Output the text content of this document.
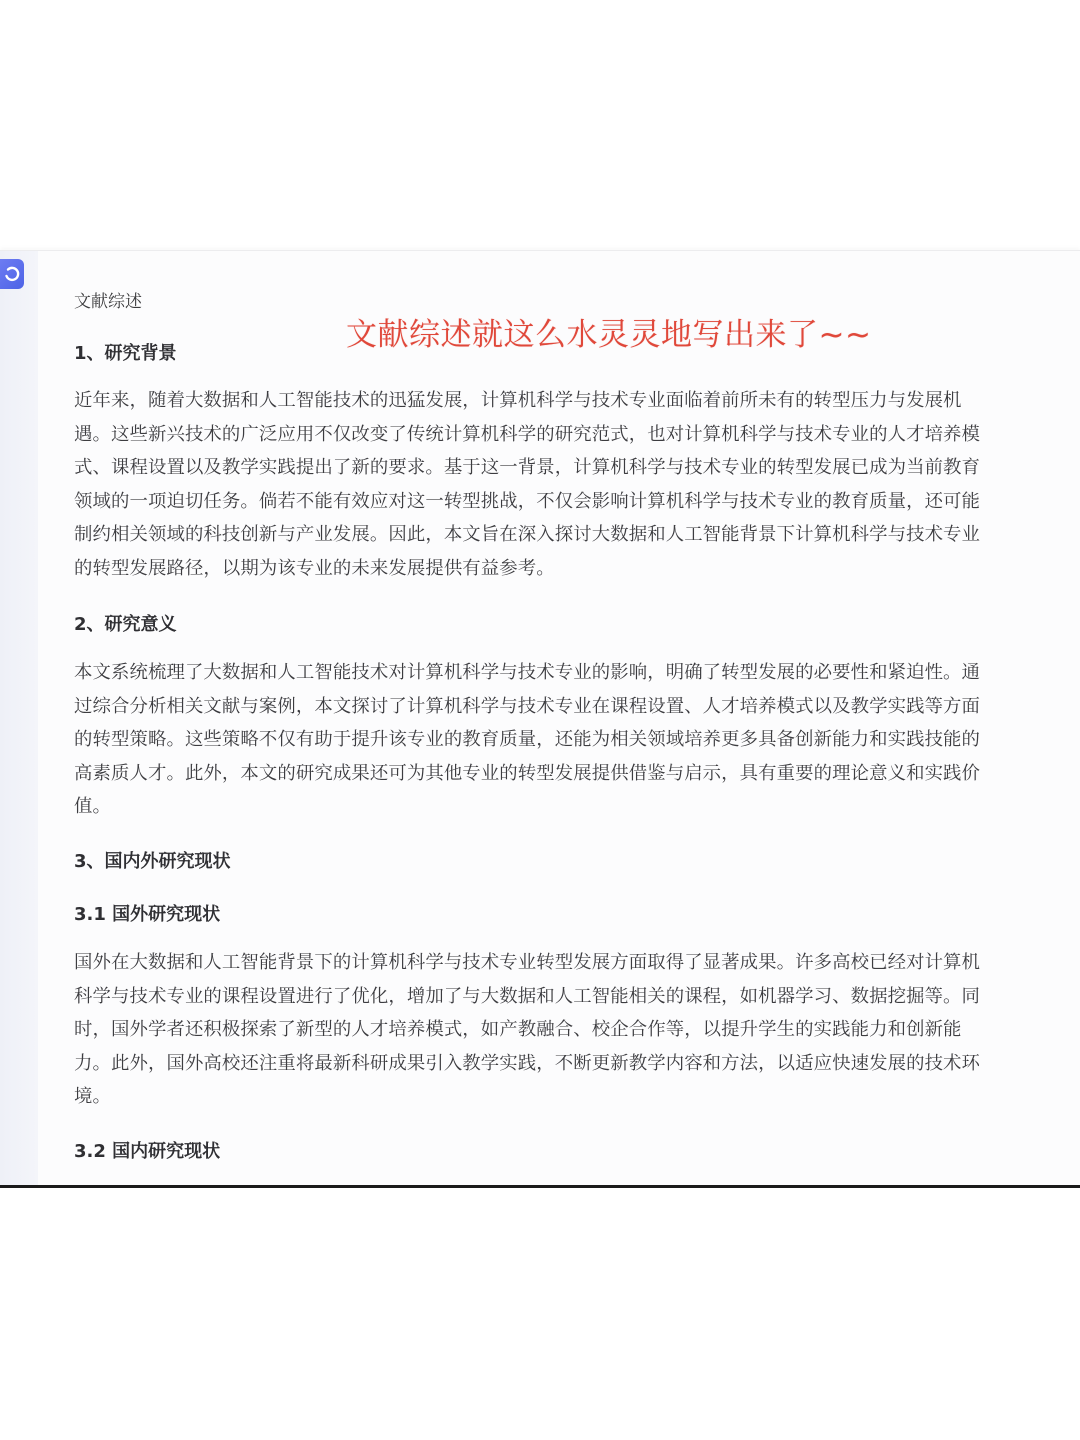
文献综述
文献综述就这么水灵灵地写出来了~~
1、研究背景
近年来，随着大数据和人工智能技术的迅猛发展，计算机科学与技术专业面临着前所未有的转型压力与发展机
遇。这些新兴技术的广泛应用不仅改变了传统计算机科学的研究范式，也对计算机科学与技术专业的人才培养模
式、课程设置以及教学实践提出了新的要求。基于这一背景，计算机科学与技术专业的转型发展已成为当前教育
领域的一项迫切任务。倘若不能有效应对这一转型挑战，不仅会影响计算机科学与技术专业的教育质量，还可能
制约相关领域的科技创新与产业发展。因此，本文旨在深入探讨大数据和人工智能背景下计算机科学与技术专业
的转型发展路径，以期为该专业的未来发展提供有益参考。
2、研究意义
本文系统梳理了大数据和人工智能技术对计算机科学与技术专业的影响，明确了转型发展的必要性和紧迫性。通
过综合分析相关文献与案例，本文探讨了计算机科学与技术专业在课程设置、人才培养模式以及教学实践等方面
的转型策略。这些策略不仅有助于提升该专业的教育质量，还能为相关领域培养更多具备创新能力和实践技能的
高素质人才。此外，本文的研究成果还可为其他专业的转型发展提供借鉴与启示，具有重要的理论意义和实践价
值。
3、国内外研究现状
3.1 国外研究现状
国外在大数据和人工智能背景下的计算机科学与技术专业转型发展方面取得了显著成果。许多高校已经对计算机
科学与技术专业的课程设置进行了优化，增加了与大数据和人工智能相关的课程，如机器学习、数据挖掘等。同
时，国外学者还积极探索了新型的人才培养模式，如产教融合、校企合作等，以提升学生的实践能力和创新能
力。此外，国外高校还注重将最新科研成果引入教学实践，不断更新教学内容和方法，以适应快速发展的技术环
境。
3.2 国内研究现状
